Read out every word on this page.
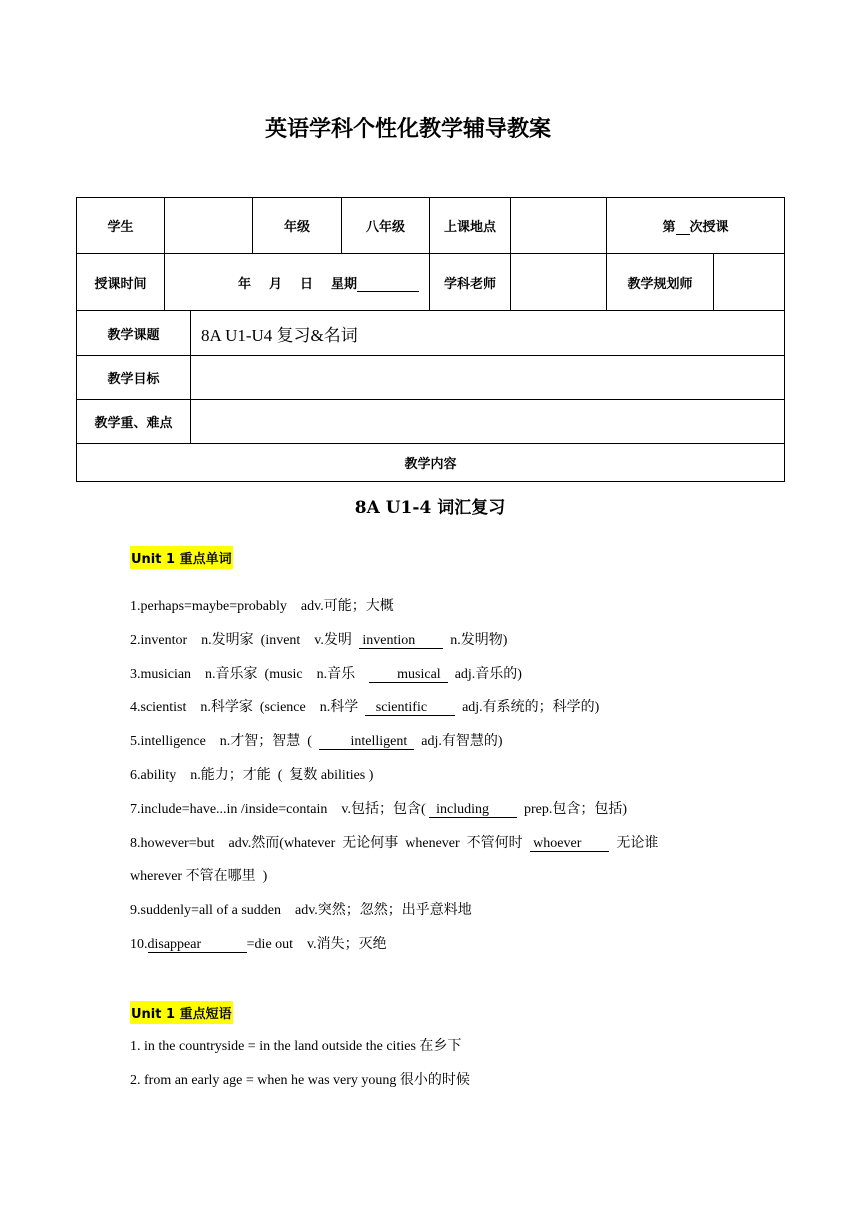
英语学科个性化教学辅导教案
学生		年级	八年级	上课地点		第 次授课	
授课时间	年 月 日 星期			学科老师		教学规划师	
教学课题	8A U1-U4 复习&名词
教学目标	
教学重、难点	
教学内容	
8A U1-4 词汇复习
Unit 1 重点单词
1.perhaps=maybe=probably    adv.可能；大概
2.inventor    n.发明家  (invent    v.发明   invention          n.发明物)
3.musician    n.音乐家  (music    n.音乐            musical    adj.音乐的)
4.scientist    n.科学家  (science    n.科学     scientific          adj.有系统的；科学的)
5.intelligence    n.才智；智慧  (           intelligent    adj.有智慧的)
6.ability    n.能力；才能  (  复数 abilities )
7.include=have...in /inside=contain    v.包括；包含(   including          prep.包含；包括)
8.however=but    adv.然而(whatever  无论何事  whenever  不管何时   whoever          无论谁
wherever 不管在哪里  )
9.suddenly=all of a sudden    adv.突然；忽然；出乎意料地
10.disappear             =die out    v.消失；灭绝
Unit 1 重点短语
1. in the countryside = in the land outside the cities 在乡下
2. from an early age = when he was very young 很小的时候
